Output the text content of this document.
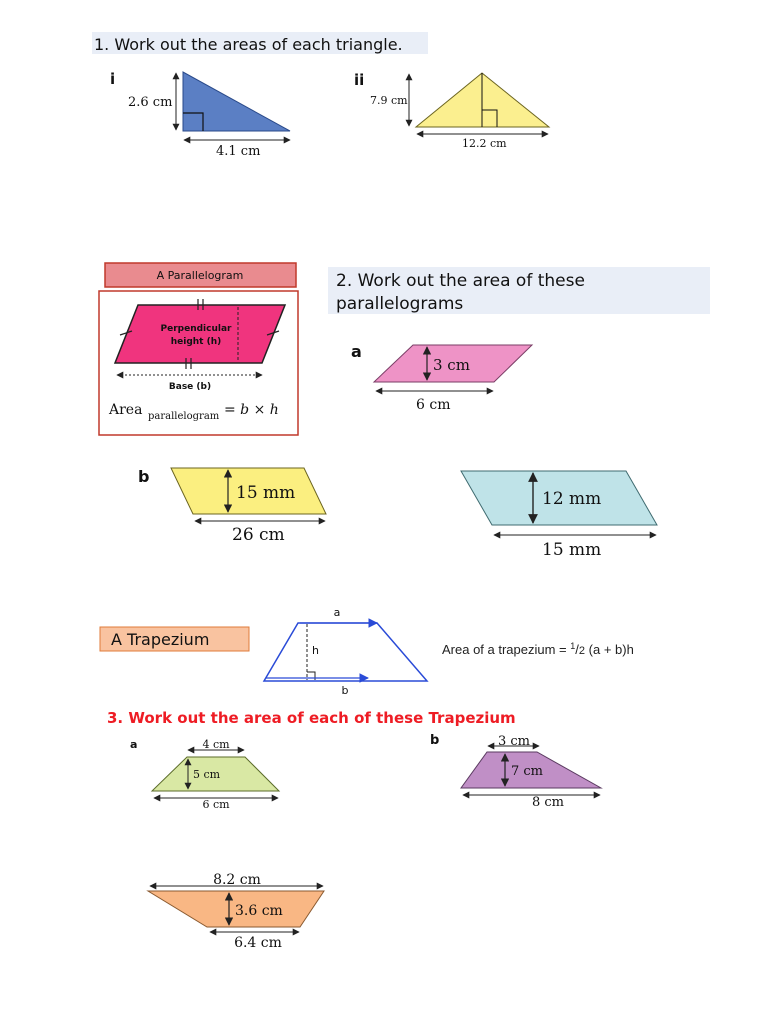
1. Work out the areas of each triangle.
i
2.6 cm
4.1 cm
ii
7.9 cm
12.2 cm
A Parallelogram
Perpendicular
height (h)
Base (b)
Area parallelogram = b × h
2. Work out the area of these
parallelograms
a
3 cm
6 cm
b
15 mm
26 cm
12 mm
15 mm
A Trapezium
a
h
b
Area of a trapezium = $^1$/2 (a + b)h
3. Work out the area of each of these Trapezium
a	4 cm
5 cm
6 cm
b	3 cm
7 cm
8 cm
8.2 cm
3.6 cm
6.4 cm
